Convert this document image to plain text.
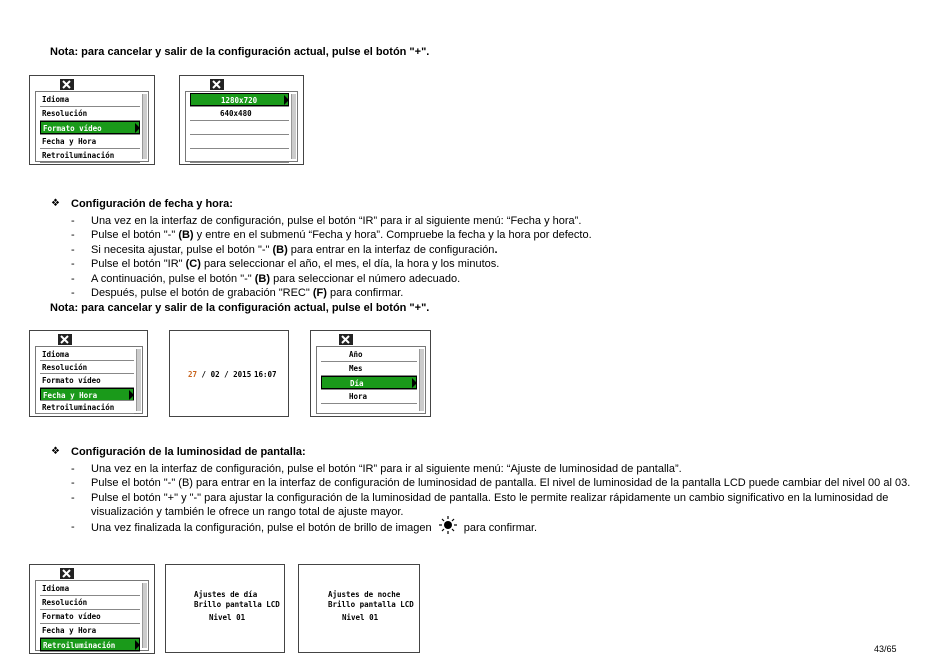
Nota: para cancelar y salir de la configuración actual, pulse el botón "+".
Idioma
Resolución
Formato vídeo
Fecha y Hora
Retroiluminación
1280x720
640x480
❖ Configuración de fecha y hora:
- Una vez en la interfaz de configuración, pulse el botón “IR” para ir al siguiente menú: “Fecha y hora”.
- Pulse el botón "-" (B) y entre en el submenú “Fecha y hora”. Compruebe la fecha y la hora por defecto.
- Si necesita ajustar, pulse el botón "-" (B) para entrar en la interfaz de configuración.
- Pulse el botón "IR" (C) para seleccionar el año, el mes, el día, la hora y los minutos.
- A continuación, pulse el botón "-" (B) para seleccionar el número adecuado.
- Después, pulse el botón de grabación "REC" (F) para confirmar.
Nota: para cancelar y salir de la configuración actual, pulse el botón "+".
Idioma
Resolución
Formato vídeo
Fecha y Hora
Retroiluminación
27 / 02 / 2015 16:07
Año
Mes
Día
Hora
❖ Configuración de la luminosidad de pantalla:
- Una vez en la interfaz de configuración, pulse el botón “IR” para ir al siguiente menú: “Ajuste de luminosidad de pantalla”.
- Pulse el botón "-" (B) para entrar en la interfaz de configuración de luminosidad de pantalla. El nivel de luminosidad de la pantalla LCD puede cambiar del nivel 00 al 03.
- Pulse el botón "+" y "-" para ajustar la configuración de la luminosidad de pantalla. Esto le permite realizar rápidamente un cambio significativo en la luminosidad de visualización y también le ofrece un rango total de ajuste mayor.
- Una vez finalizada la configuración, pulse el botón de brillo de imagen	para confirmar.
Idioma
Resolución
Formato vídeo
Fecha y Hora
Retroiluminación
Ajustes de día
Brillo pantalla LCD
Nivel 01
Ajustes de noche
Brillo pantalla LCD
Nivel 01
43/65
